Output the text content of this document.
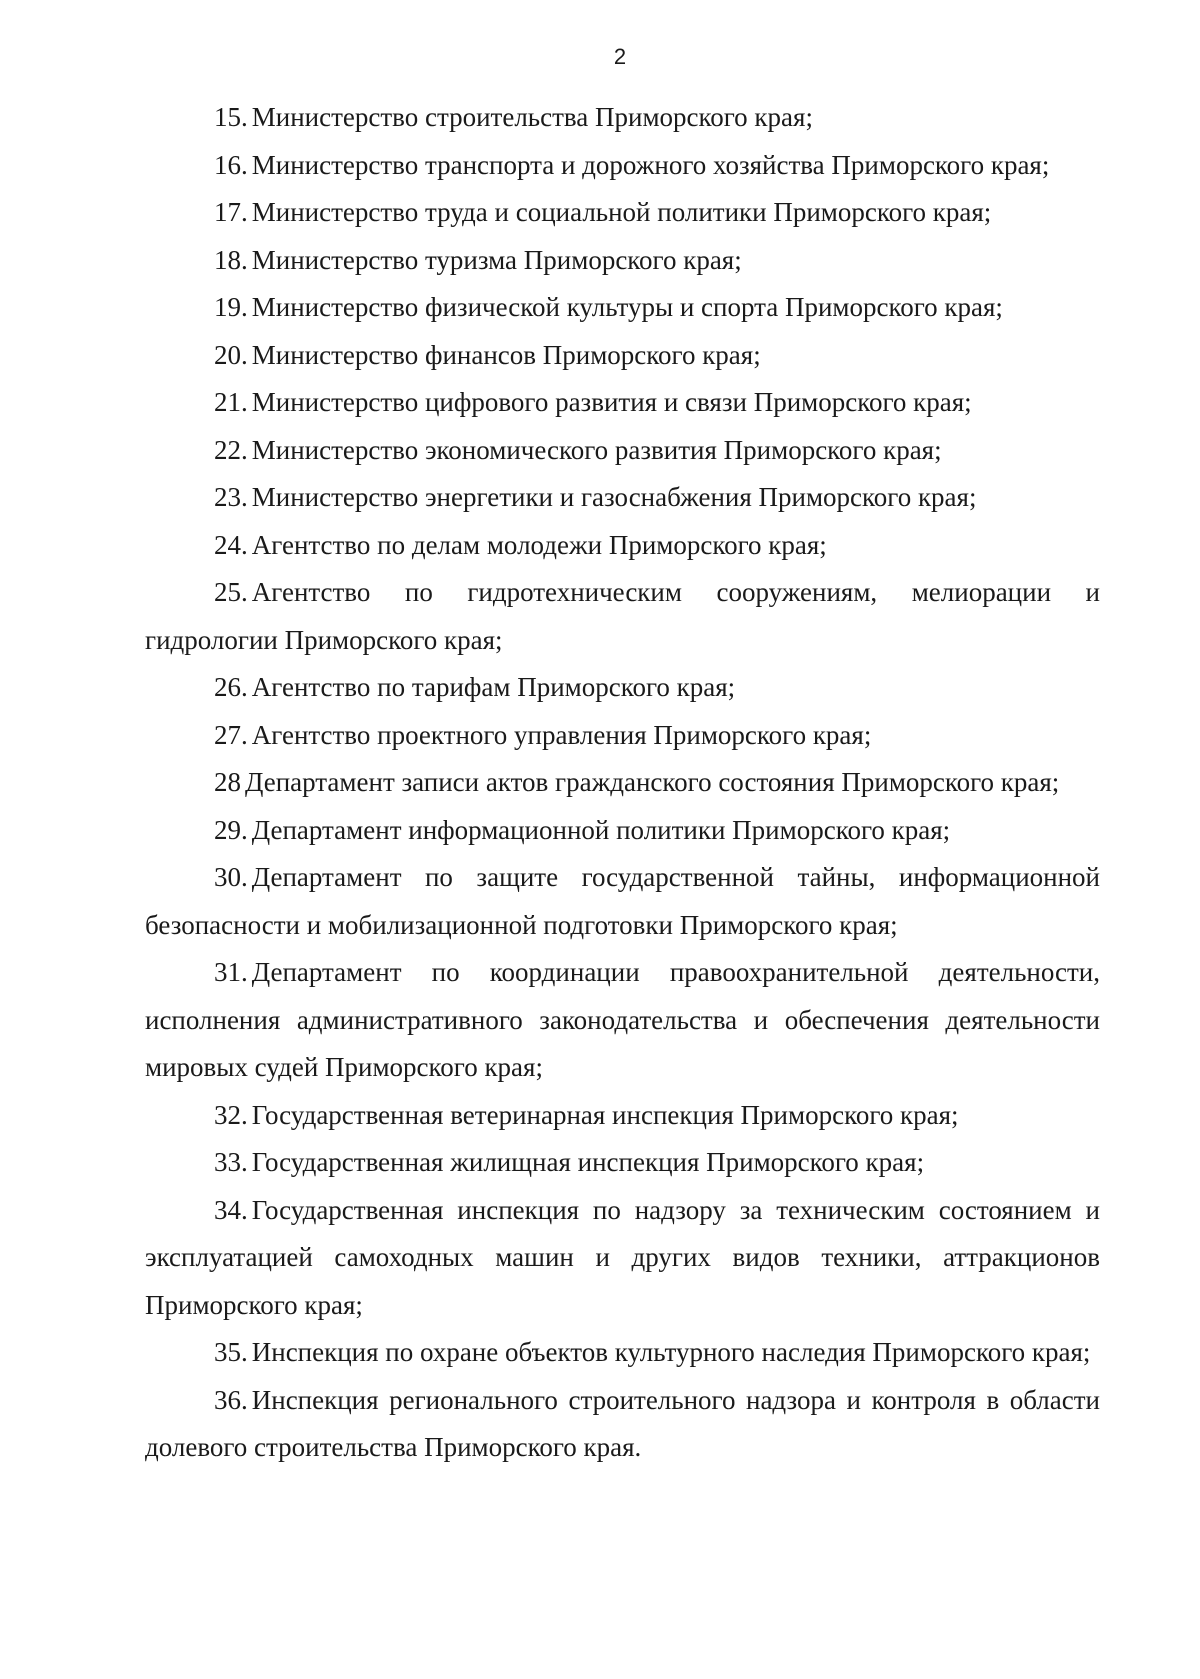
2

15. Министерство строительства Приморского края;

16. Министерство транспорта и дорожного хозяйства Приморского края;

17. Министерство труда и социальной политики Приморского края;

18. Министерство туризма Приморского края;

19. Министерство физической культуры и спорта Приморского края;

20. Министерство финансов Приморского края;

21. Министерство цифрового развития и связи Приморского края;

22. Министерство экономического развития Приморского края;

23. Министерство энергетики и газоснабжения Приморского края;

24. Агентство по делам молодежи Приморского края;

25. Агентство по гидротехническим сооружениям, мелиорации и гидрологии Приморского края;

26. Агентство по тарифам Приморского края;

27. Агентство проектного управления Приморского края;

28 Департамент записи актов гражданского состояния Приморского края;

29. Департамент информационной политики Приморского края;

30. Департамент по защите государственной тайны, информационной безопасности и мобилизационной подготовки Приморского края;

31. Департамент по координации правоохранительной деятельности, исполнения административного законодательства и обеспечения деятельности мировых судей Приморского края;

32. Государственная ветеринарная инспекция Приморского края;

33. Государственная жилищная инспекция Приморского края;

34. Государственная инспекция по надзору за техническим состоянием и эксплуатацией самоходных машин и других видов техники, аттракционов Приморского края;

35. Инспекция по охране объектов культурного наследия Приморского края;

36. Инспекция регионального строительного надзора и контроля в области долевого строительства Приморского края.
